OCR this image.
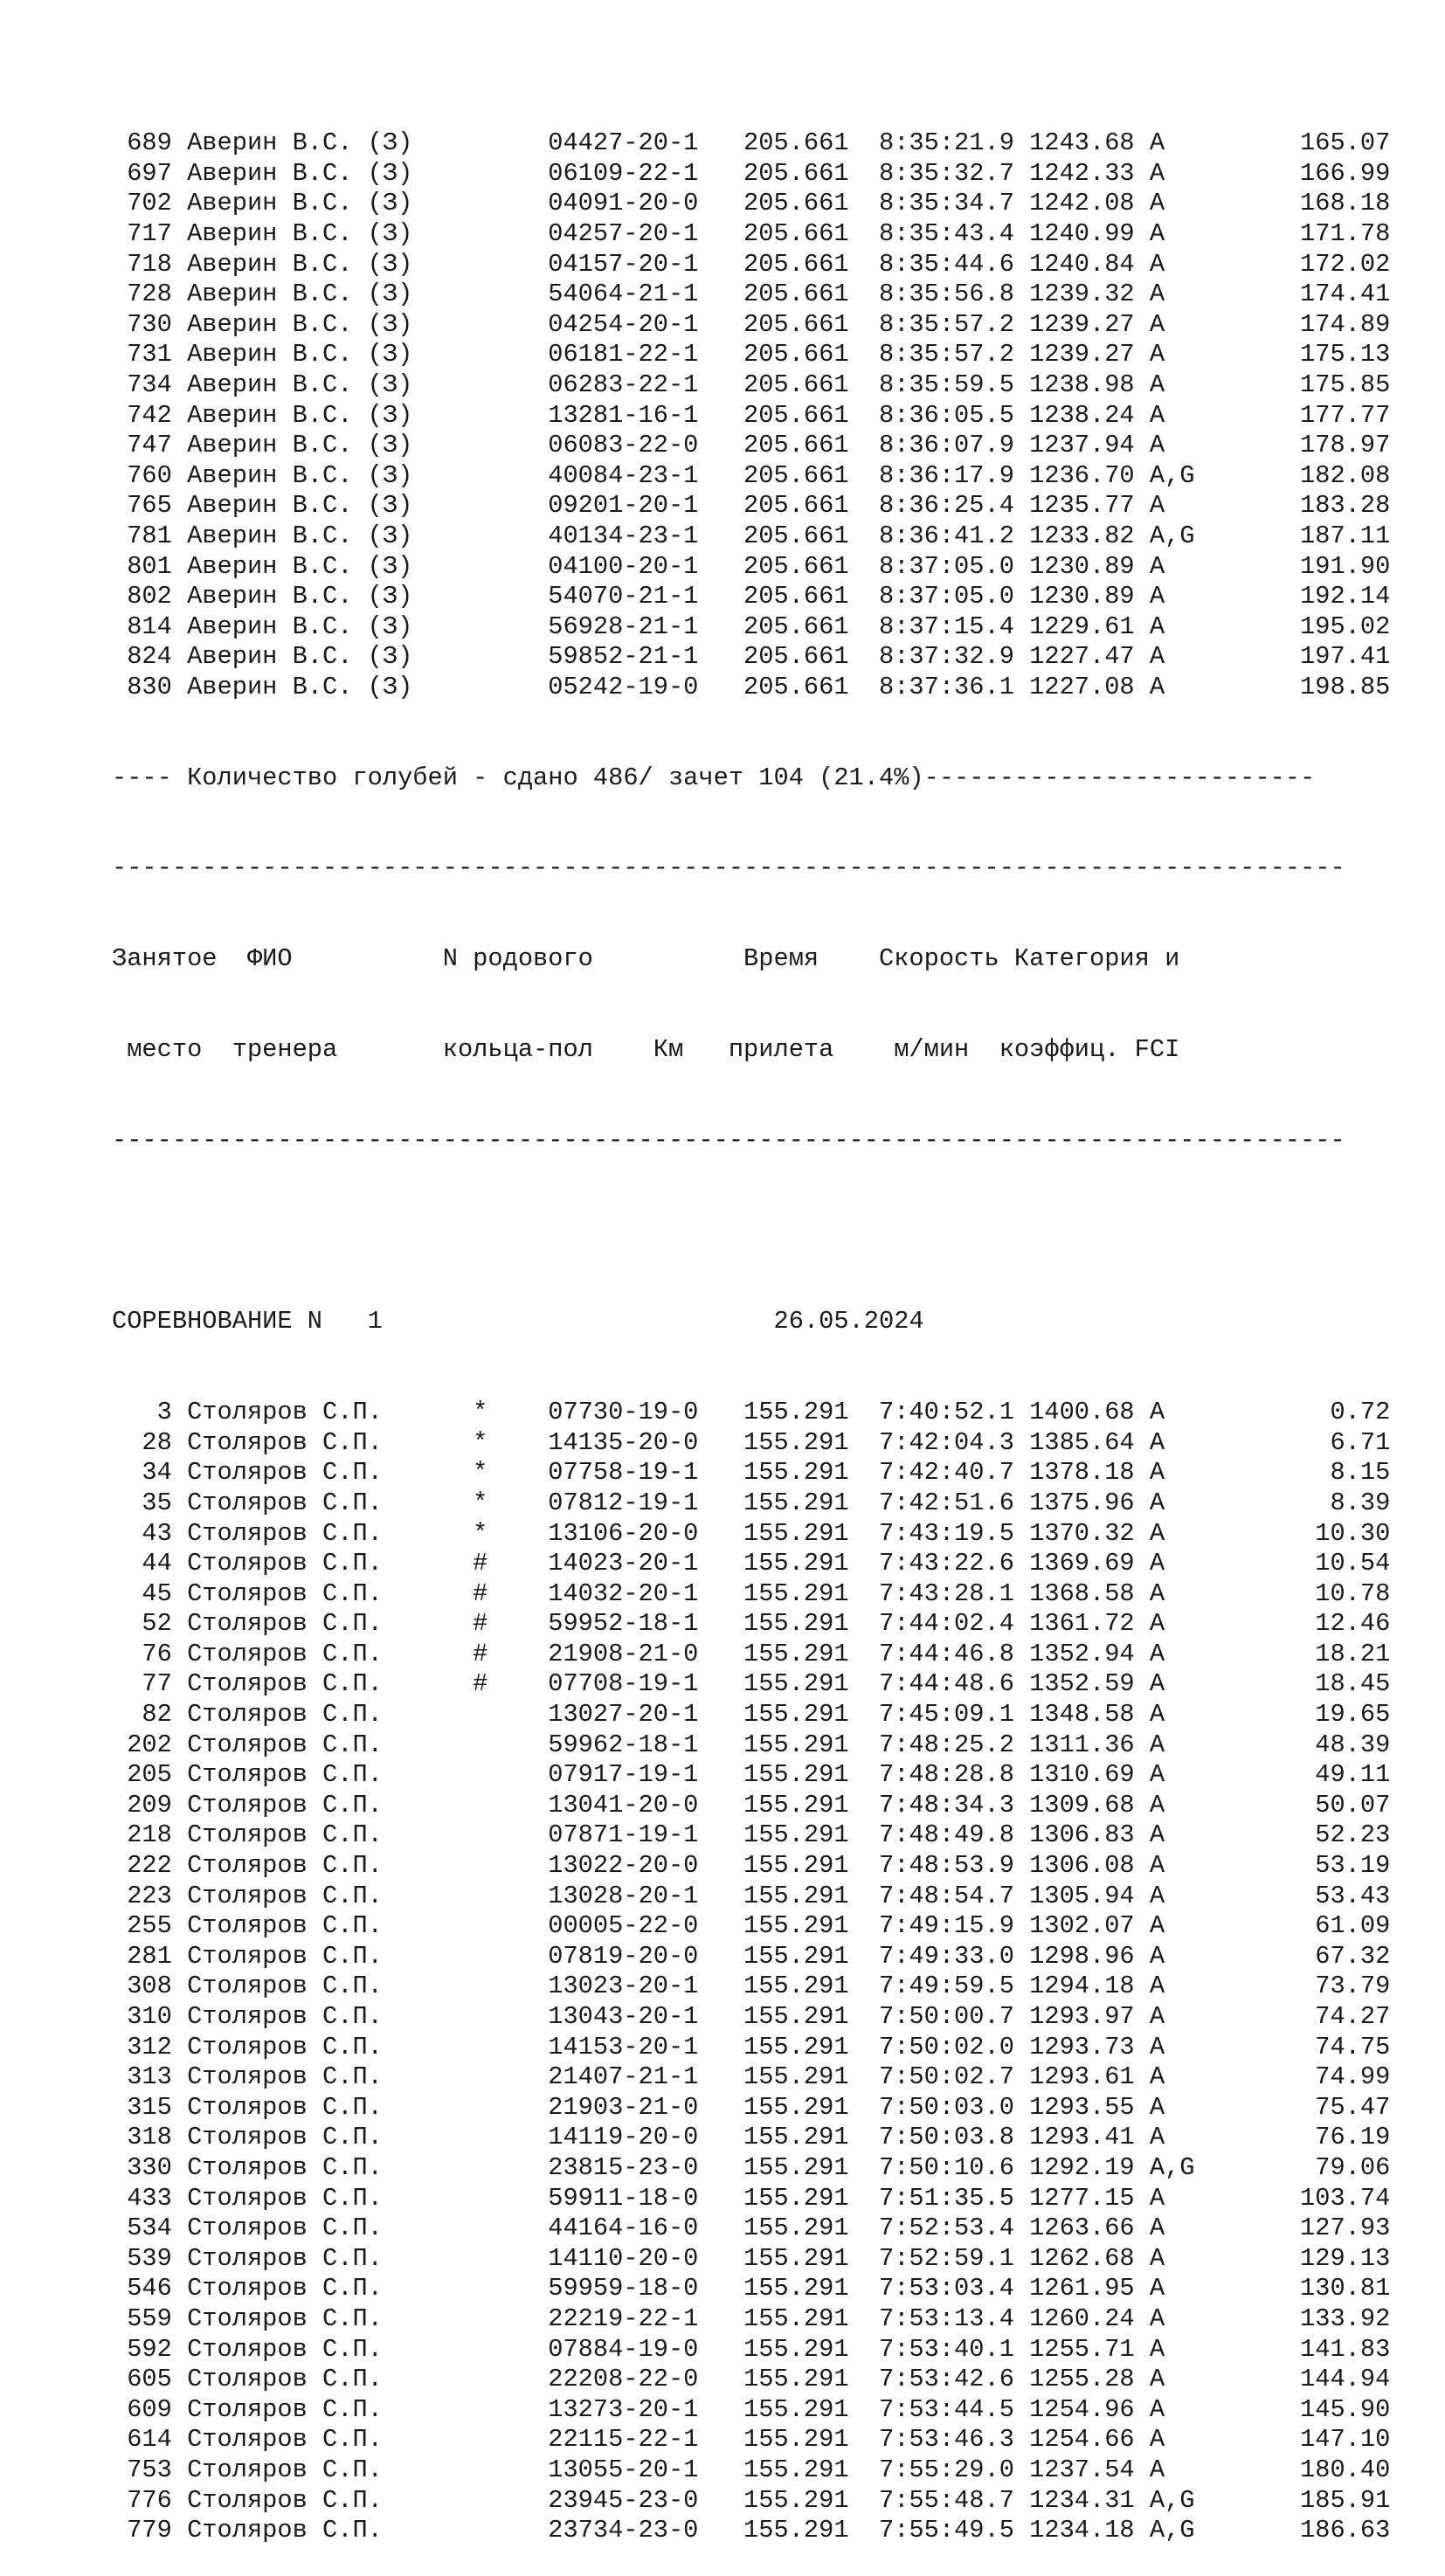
689 Аверин В.С. (З)         04427-20-1   205.661  8:35:21.9 1243.68 A         165.07
697 Аверин В.С. (З)         06109-22-1   205.661  8:35:32.7 1242.33 A         166.99
702 Аверин В.С. (З)         04091-20-0   205.661  8:35:34.7 1242.08 A         168.18
717 Аверин В.С. (З)         04257-20-1   205.661  8:35:43.4 1240.99 A         171.78
718 Аверин В.С. (З)         04157-20-1   205.661  8:35:44.6 1240.84 A         172.02
728 Аверин В.С. (З)         54064-21-1   205.661  8:35:56.8 1239.32 A         174.41
730 Аверин В.С. (З)         04254-20-1   205.661  8:35:57.2 1239.27 A         174.89
731 Аверин В.С. (З)         06181-22-1   205.661  8:35:57.2 1239.27 A         175.13
734 Аверин В.С. (З)         06283-22-1   205.661  8:35:59.5 1238.98 A         175.85
742 Аверин В.С. (З)         13281-16-1   205.661  8:36:05.5 1238.24 A         177.77
747 Аверин В.С. (З)         06083-22-0   205.661  8:36:07.9 1237.94 A         178.97
760 Аверин В.С. (З)         40084-23-1   205.661  8:36:17.9 1236.70 A,G       182.08
765 Аверин В.С. (З)         09201-20-1   205.661  8:36:25.4 1235.77 A         183.28
781 Аверин В.С. (З)         40134-23-1   205.661  8:36:41.2 1233.82 A,G       187.11
801 Аверин В.С. (З)         04100-20-1   205.661  8:37:05.0 1230.89 A         191.90
802 Аверин В.С. (З)         54070-21-1   205.661  8:37:05.0 1230.89 A         192.14
814 Аверин В.С. (З)         56928-21-1   205.661  8:37:15.4 1229.61 A         195.02
824 Аверин В.С. (З)         59852-21-1   205.661  8:37:32.9 1227.47 A         197.41
830 Аверин В.С. (З)         05242-19-0   205.661  8:37:36.1 1227.08 A         198.85

---- Количество голубей - сдано 486/ зачет 104 (21.4%)--------------------------

----------------------------------------------------------------------------------

Занятое  ФИО          N родового          Время    Скорость Категория и

место  тренера       кольца-пол    Км   прилета    м/мин  коэффиц. FCI

----------------------------------------------------------------------------------

СОРЕВНОВАНИЕ N   1                          26.05.2024

3 Столяров С.П.      *    07730-19-0   155.291  7:40:52.1 1400.68 A           0.72
28 Столяров С.П.      *    14135-20-0   155.291  7:42:04.3 1385.64 A           6.71
34 Столяров С.П.      *    07758-19-1   155.291  7:42:40.7 1378.18 A           8.15
35 Столяров С.П.      *    07812-19-1   155.291  7:42:51.6 1375.96 A           8.39
43 Столяров С.П.      *    13106-20-0   155.291  7:43:19.5 1370.32 A          10.30
44 Столяров С.П.      #    14023-20-1   155.291  7:43:22.6 1369.69 A          10.54
45 Столяров С.П.      #    14032-20-1   155.291  7:43:28.1 1368.58 A          10.78
52 Столяров С.П.      #    59952-18-1   155.291  7:44:02.4 1361.72 A          12.46
76 Столяров С.П.      #    21908-21-0   155.291  7:44:46.8 1352.94 A          18.21
77 Столяров С.П.      #    07708-19-1   155.291  7:44:48.6 1352.59 A          18.45
82 Столяров С.П.           13027-20-1   155.291  7:45:09.1 1348.58 A          19.65
202 Столяров С.П.           59962-18-1   155.291  7:48:25.2 1311.36 A          48.39
205 Столяров С.П.           07917-19-1   155.291  7:48:28.8 1310.69 A          49.11
209 Столяров С.П.           13041-20-0   155.291  7:48:34.3 1309.68 A          50.07
218 Столяров С.П.           07871-19-1   155.291  7:48:49.8 1306.83 A          52.23
222 Столяров С.П.           13022-20-0   155.291  7:48:53.9 1306.08 A          53.19
223 Столяров С.П.           13028-20-1   155.291  7:48:54.7 1305.94 A          53.43
255 Столяров С.П.           00005-22-0   155.291  7:49:15.9 1302.07 A          61.09
281 Столяров С.П.           07819-20-0   155.291  7:49:33.0 1298.96 A          67.32
308 Столяров С.П.           13023-20-1   155.291  7:49:59.5 1294.18 A          73.79
310 Столяров С.П.           13043-20-1   155.291  7:50:00.7 1293.97 A          74.27
312 Столяров С.П.           14153-20-1   155.291  7:50:02.0 1293.73 A          74.75
313 Столяров С.П.           21407-21-1   155.291  7:50:02.7 1293.61 A          74.99
315 Столяров С.П.           21903-21-0   155.291  7:50:03.0 1293.55 A          75.47
318 Столяров С.П.           14119-20-0   155.291  7:50:03.8 1293.41 A          76.19
330 Столяров С.П.           23815-23-0   155.291  7:50:10.6 1292.19 A,G        79.06
433 Столяров С.П.           59911-18-0   155.291  7:51:35.5 1277.15 A         103.74
534 Столяров С.П.           44164-16-0   155.291  7:52:53.4 1263.66 A         127.93
539 Столяров С.П.           14110-20-0   155.291  7:52:59.1 1262.68 A         129.13
546 Столяров С.П.           59959-18-0   155.291  7:53:03.4 1261.95 A         130.81
559 Столяров С.П.           22219-22-1   155.291  7:53:13.4 1260.24 A         133.92
592 Столяров С.П.           07884-19-0   155.291  7:53:40.1 1255.71 A         141.83
605 Столяров С.П.           22208-22-0   155.291  7:53:42.6 1255.28 A         144.94
609 Столяров С.П.           13273-20-1   155.291  7:53:44.5 1254.96 A         145.90
614 Столяров С.П.           22115-22-1   155.291  7:53:46.3 1254.66 A         147.10
753 Столяров С.П.           13055-20-1   155.291  7:55:29.0 1237.54 A         180.40
776 Столяров С.П.           23945-23-0   155.291  7:55:48.7 1234.31 A,G       185.91
779 Столяров С.П.           23734-23-0   155.291  7:55:49.5 1234.18 A,G       186.63
